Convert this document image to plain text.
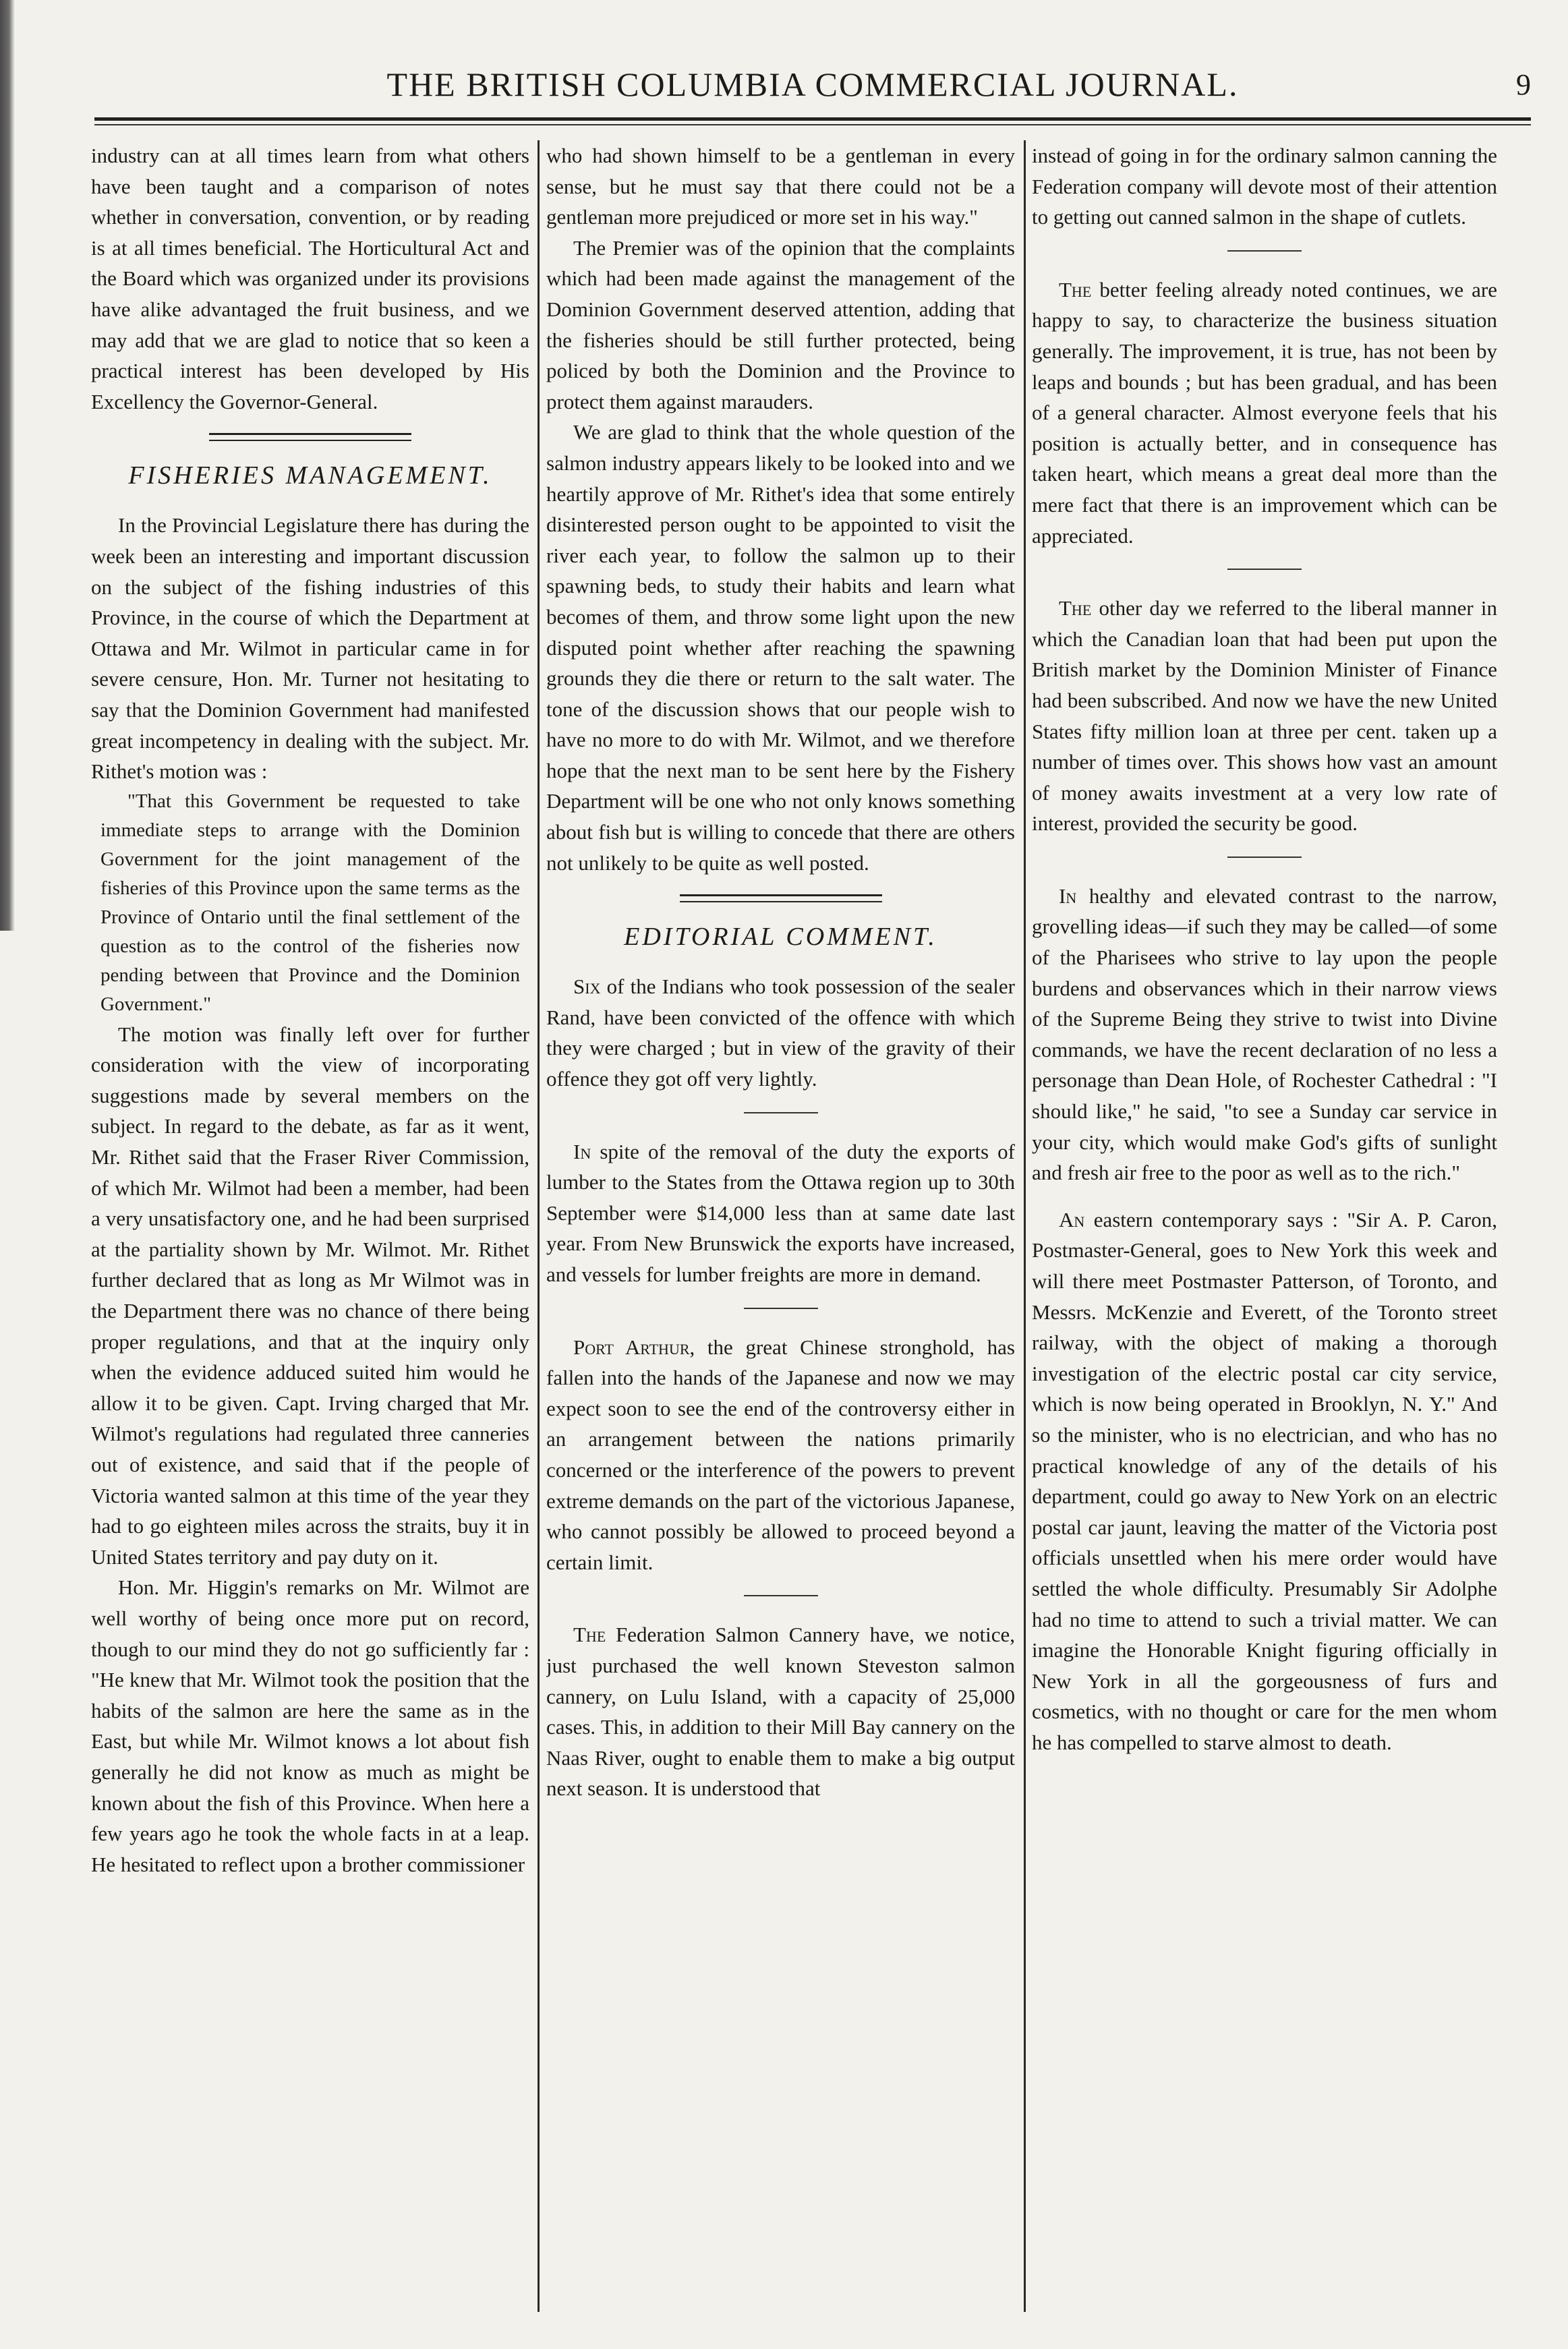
THE BRITISH COLUMBIA COMMERCIAL JOURNAL.	9

industry can at all times learn from what others have been taught and a comparison of notes whether in conversation, convention, or by reading is at all times beneficial. The Horticultural Act and the Board which was organized under its provisions have alike advantaged the fruit business, and we may add that we are glad to notice that so keen a practical interest has been developed by His Excellency the Governor-General.

FISHERIES MANAGEMENT.

In the Provincial Legislature there has during the week been an interesting and important discussion on the subject of the fishing industries of this Province, in the course of which the Department at Ottawa and Mr. Wilmot in particular came in for severe censure, Hon. Mr. Turner not hesitating to say that the Dominion Government had manifested great incompetency in dealing with the subject. Mr. Rithet's motion was :

"That this Government be requested to take immediate steps to arrange with the Dominion Government for the joint management of the fisheries of this Province upon the same terms as the Province of Ontario until the final settlement of the question as to the control of the fisheries now pending between that Province and the Dominion Government."

The motion was finally left over for further consideration with the view of incorporating suggestions made by several members on the subject. In regard to the debate, as far as it went, Mr. Rithet said that the Fraser River Commission, of which Mr. Wilmot had been a member, had been a very unsatisfactory one, and he had been surprised at the partiality shown by Mr. Wilmot. Mr. Rithet further declared that as long as Mr Wilmot was in the Department there was no chance of there being proper regulations, and that at the inquiry only when the evidence adduced suited him would he allow it to be given. Capt. Irving charged that Mr. Wilmot's regulations had regulated three canneries out of existence, and said that if the people of Victoria wanted salmon at this time of the year they had to go eighteen miles across the straits, buy it in United States territory and pay duty on it.

Hon. Mr. Higgin's remarks on Mr. Wilmot are well worthy of being once more put on record, though to our mind they do not go sufficiently far : "He knew that Mr. Wilmot took the position that the habits of the salmon are here the same as in the East, but while Mr. Wilmot knows a lot about fish generally he did not know as much as might be known about the fish of this Province. When here a few years ago he took the whole facts in at a leap. He hesitated to reflect upon a brother commissioner

who had shown himself to be a gentleman in every sense, but he must say that there could not be a gentleman more prejudiced or more set in his way."

The Premier was of the opinion that the complaints which had been made against the management of the Dominion Government deserved attention, adding that the fisheries should be still further protected, being policed by both the Dominion and the Province to protect them against marauders.

We are glad to think that the whole question of the salmon industry appears likely to be looked into and we heartily approve of Mr. Rithet's idea that some entirely disinterested person ought to be appointed to visit the river each year, to follow the salmon up to their spawning beds, to study their habits and learn what becomes of them, and throw some light upon the new disputed point whether after reaching the spawning grounds they die there or return to the salt water. The tone of the discussion shows that our people wish to have no more to do with Mr. Wilmot, and we therefore hope that the next man to be sent here by the Fishery Department will be one who not only knows something about fish but is willing to concede that there are others not unlikely to be quite as well posted.

EDITORIAL COMMENT.

Six of the Indians who took possession of the sealer Rand, have been convicted of the offence with which they were charged ; but in view of the gravity of their offence they got off very lightly.

In spite of the removal of the duty the exports of lumber to the States from the Ottawa region up to 30th September were $14,000 less than at same date last year. From New Brunswick the exports have increased, and vessels for lumber freights are more in demand.

Port Arthur, the great Chinese stronghold, has fallen into the hands of the Japanese and now we may expect soon to see the end of the controversy either in an arrangement between the nations primarily concerned or the interference of the powers to prevent extreme demands on the part of the victorious Japanese, who cannot possibly be allowed to proceed beyond a certain limit.

The Federation Salmon Cannery have, we notice, just purchased the well known Steveston salmon cannery, on Lulu Island, with a capacity of 25,000 cases. This, in addition to their Mill Bay cannery on the Naas River, ought to enable them to make a big output next season. It is understood that

instead of going in for the ordinary salmon canning the Federation company will devote most of their attention to getting out canned salmon in the shape of cutlets.

The better feeling already noted continues, we are happy to say, to characterize the business situation generally. The improvement, it is true, has not been by leaps and bounds ; but has been gradual, and has been of a general character. Almost everyone feels that his position is actually better, and in consequence has taken heart, which means a great deal more than the mere fact that there is an improvement which can be appreciated.

The other day we referred to the liberal manner in which the Canadian loan that had been put upon the British market by the Dominion Minister of Finance had been subscribed. And now we have the new United States fifty million loan at three per cent. taken up a number of times over. This shows how vast an amount of money awaits investment at a very low rate of interest, provided the security be good.

In healthy and elevated contrast to the narrow, grovelling ideas—if such they may be called—of some of the Pharisees who strive to lay upon the people burdens and observances which in their narrow views of the Supreme Being they strive to twist into Divine commands, we have the recent declaration of no less a personage than Dean Hole, of Rochester Cathedral : "I should like," he said, "to see a Sunday car service in your city, which would make God's gifts of sunlight and fresh air free to the poor as well as to the rich."

An eastern contemporary says : "Sir A. P. Caron, Postmaster-General, goes to New York this week and will there meet Postmaster Patterson, of Toronto, and Messrs. McKenzie and Everett, of the Toronto street railway, with the object of making a thorough investigation of the electric postal car city service, which is now being operated in Brooklyn, N. Y." And so the minister, who is no electrician, and who has no practical knowledge of any of the details of his department, could go away to New York on an electric postal car jaunt, leaving the matter of the Victoria post officials unsettled when his mere order would have settled the whole difficulty. Presumably Sir Adolphe had no time to attend to such a trivial matter. We can imagine the Honorable Knight figuring officially in New York in all the gorgeousness of furs and cosmetics, with no thought or care for the men whom he has compelled to starve almost to death.
